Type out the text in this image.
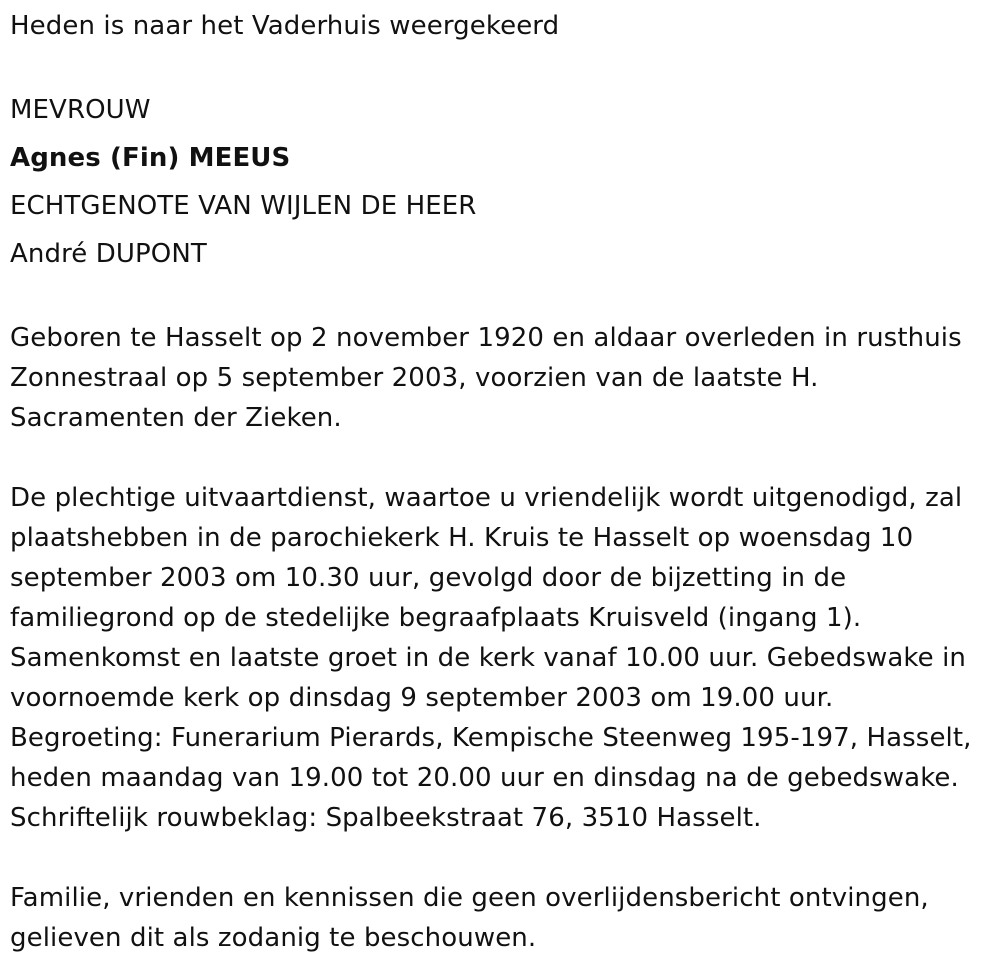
Heden is naar het Vaderhuis weergekeerd

MEVROUW

Agnes (Fin) MEEUS

ECHTGENOTE VAN WIJLEN DE HEER

André DUPONT

Geboren te Hasselt op 2 november 1920 en aldaar overleden in rusthuis

Zonnestraal op 5 september 2003, voorzien van de laatste H.

Sacramenten der Zieken.

De plechtige uitvaartdienst, waartoe u vriendelijk wordt uitgenodigd, zal

plaatshebben in de parochiekerk H. Kruis te Hasselt op woensdag 10

september 2003 om 10.30 uur, gevolgd door de bijzetting in de

familiegrond op de stedelijke begraafplaats Kruisveld (ingang 1).

Samenkomst en laatste groet in de kerk vanaf 10.00 uur. Gebedswake in

voornoemde kerk op dinsdag 9 september 2003 om 19.00 uur.

Begroeting: Funerarium Pierards, Kempische Steenweg 195-197, Hasselt,

heden maandag van 19.00 tot 20.00 uur en dinsdag na de gebedswake.

Schriftelijk rouwbeklag: Spalbeekstraat 76, 3510 Hasselt.

Familie, vrienden en kennissen die geen overlijdensbericht ontvingen,

gelieven dit als zodanig te beschouwen.
